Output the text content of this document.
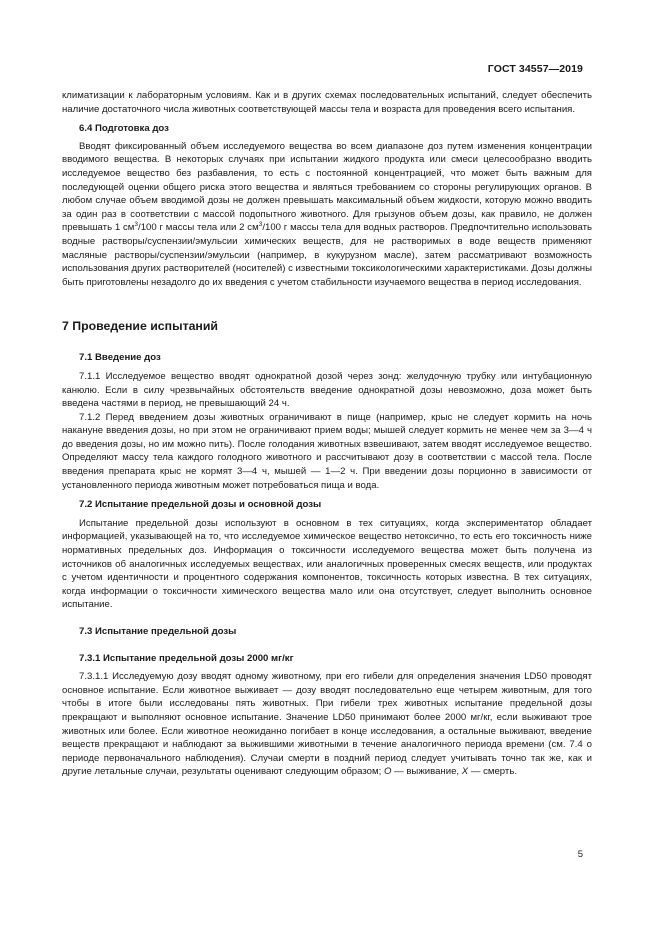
ГОСТ 34557—2019

климатизации к лабораторным условиям. Как и в других схемах последовательных испытаний, следует обеспечить наличие достаточного числа животных соответствующей массы тела и возраста для проведения всего испытания.

6.4 Подготовка доз

Вводят фиксированный объем исследуемого вещества во всем диапазоне доз путем изменения концентрации вводимого вещества. В некоторых случаях при испытании жидкого продукта или смеси целесообразно вводить исследуемое вещество без разбавления, то есть с постоянной концентрацией, что может быть важным для последующей оценки общего риска этого вещества и являться требованием со стороны регулирующих органов. В любом случае объем вводимой дозы не должен превышать максимальный объем жидкости, которую можно вводить за один раз в соответствии с массой подопытного животного. Для грызунов объем дозы, как правило, не должен превышать 1 $см^3/100$ г массы тела или 2 $см^3/100$ г массы тела для водных растворов. Предпочтительно использовать водные растворы/суспензии/эмульсии химических веществ, для не растворимых в воде веществ применяют масляные растворы/суспензии/эмульсии (например, в кукурузном масле), затем рассматривают возможность использования других растворителей (носителей) с известными токсикологическими характеристиками. Дозы должны быть приготовлены незадолго до их введения с учетом стабильности изучаемого вещества в период исследования.

7 Проведение испытаний

7.1 Введение доз

7.1.1 Исследуемое вещество вводят однократной дозой через зонд: желудочную трубку или интубационную канюлю. Если в силу чрезвычайных обстоятельств введение однократной дозы невозможно, доза может быть введена частями в период, не превышающий 24 ч.

7.1.2 Перед введением дозы животных ограничивают в пище (например, крыс не следует кормить на ночь накануне введения дозы, но при этом не ограничивают прием воды; мышей следует кормить не менее чем за 3—4 ч до введения дозы, но им можно пить). После голодания животных взвешивают, затем вводят исследуемое вещество. Определяют массу тела каждого голодного животного и рассчитывают дозу в соответствии с массой тела. После введения препарата крыс не кормят 3—4 ч, мышей — 1—2 ч. При введении дозы порционно в зависимости от установленного периода животным может потребоваться пища и вода.

7.2 Испытание предельной дозы и основной дозы

Испытание предельной дозы используют в основном в тех ситуациях, когда экспериментатор обладает информацией, указывающей на то, что исследуемое химическое вещество нетоксично, то есть его токсичность ниже нормативных предельных доз. Информация о токсичности исследуемого вещества может быть получена из источников об аналогичных исследуемых веществах, или аналогичных проверенных смесях веществ, или продуктах с учетом идентичности и процентного содержания компонентов, токсичность которых известна. В тех ситуациях, когда информации о токсичности химического вещества мало или она отсутствует, следует выполнить основное испытание.

7.3 Испытание предельной дозы

7.3.1 Испытание предельной дозы 2000 мг/кг

7.3.1.1 Исследуемую дозу вводят одному животному, при его гибели для определения значения LD50 проводят основное испытание. Если животное выживает — дозу вводят последовательно еще четырем животным, для того чтобы в итоге были исследованы пять животных. При гибели трех животных испытание предельной дозы прекращают и выполняют основное испытание. Значение LD50 принимают более 2000 мг/кг, если выживают трое животных или более. Если животное неожиданно погибает в конце исследования, а остальные выживают, введение веществ прекращают и наблюдают за выжившими животными в течение аналогичного периода времени (см. 7.4 о периоде первоначального наблюдения). Случаи смерти в поздний период следует учитывать точно так же, как и другие летальные случаи, результаты оценивают следующим образом; О — выживание, Х — смерть.

5
